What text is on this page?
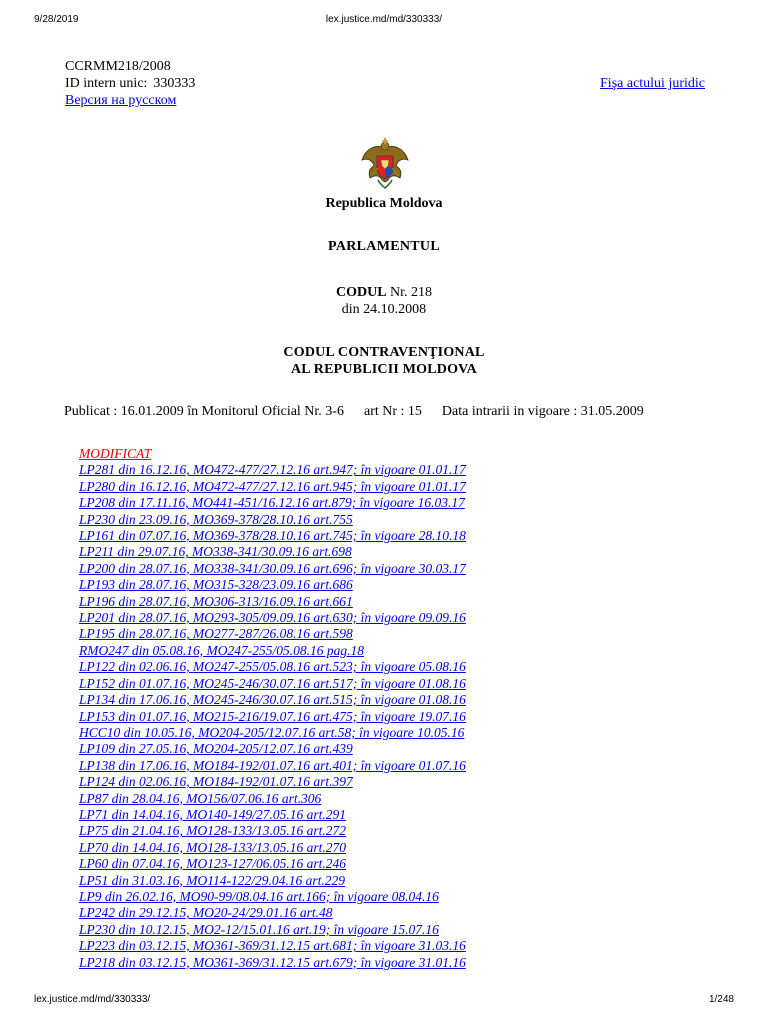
9/28/2019	lex.justice.md/md/330333/
CCRMM218/2008
ID intern unic: 330333
Версия на русском
Fişa actului juridic
Republica Moldova
PARLAMENTUL
CODUL Nr. 218
din 24.10.2008
CODUL CONTRAVENŢIONAL
AL REPUBLICII MOLDOVA
Publicat : 16.01.2009 în Monitorul Oficial Nr. 3-6 art Nr : 15 Data intrarii in vigoare : 31.05.2009
MODIFICAT
LP281 din 16.12.16, MO472-477/27.12.16 art.947; în vigoare 01.01.17
LP280 din 16.12.16, MO472-477/27.12.16 art.945; în vigoare 01.01.17
LP208 din 17.11.16, MO441-451/16.12.16 art.879; în vigoare 16.03.17
LP230 din 23.09.16, MO369-378/28.10.16 art.755
LP161 din 07.07.16, MO369-378/28.10.16 art.745; în vigoare 28.10.18
LP211 din 29.07.16, MO338-341/30.09.16 art.698
LP200 din 28.07.16, MO338-341/30.09.16 art.696; în vigoare 30.03.17
LP193 din 28.07.16, MO315-328/23.09.16 art.686
LP196 din 28.07.16, MO306-313/16.09.16 art.661
LP201 din 28.07.16, MO293-305/09.09.16 art.630; în vigoare 09.09.16
LP195 din 28.07.16, MO277-287/26.08.16 art.598
RMO247 din 05.08.16, MO247-255/05.08.16 pag.18
LP122 din 02.06.16, MO247-255/05.08.16 art.523; în vigoare 05.08.16
LP152 din 01.07.16, MO245-246/30.07.16 art.517; în vigoare 01.08.16
LP134 din 17.06.16, MO245-246/30.07.16 art.515; în vigoare 01.08.16
LP153 din 01.07.16, MO215-216/19.07.16 art.475; în vigoare 19.07.16
HCC10 din 10.05.16, MO204-205/12.07.16 art.58; în vigoare 10.05.16
LP109 din 27.05.16, MO204-205/12.07.16 art.439
LP138 din 17.06.16, MO184-192/01.07.16 art.401; în vigoare 01.07.16
LP124 din 02.06.16, MO184-192/01.07.16 art.397
LP87 din 28.04.16, MO156/07.06.16 art.306
LP71 din 14.04.16, MO140-149/27.05.16 art.291
LP75 din 21.04.16, MO128-133/13.05.16 art.272
LP70 din 14.04.16, MO128-133/13.05.16 art.270
LP60 din 07.04.16, MO123-127/06.05.16 art.246
LP51 din 31.03.16, MO114-122/29.04.16 art.229
LP9 din 26.02.16, MO90-99/08.04.16 art.166; în vigoare 08.04.16
LP242 din 29.12.15, MO20-24/29.01.16 art.48
LP230 din 10.12.15, MO2-12/15.01.16 art.19; în vigoare 15.07.16
LP223 din 03.12.15, MO361-369/31.12.15 art.681; în vigoare 31.03.16
LP218 din 03.12.15, MO361-369/31.12.15 art.679; în vigoare 31.01.16
lex.justice.md/md/330333/	1/248
